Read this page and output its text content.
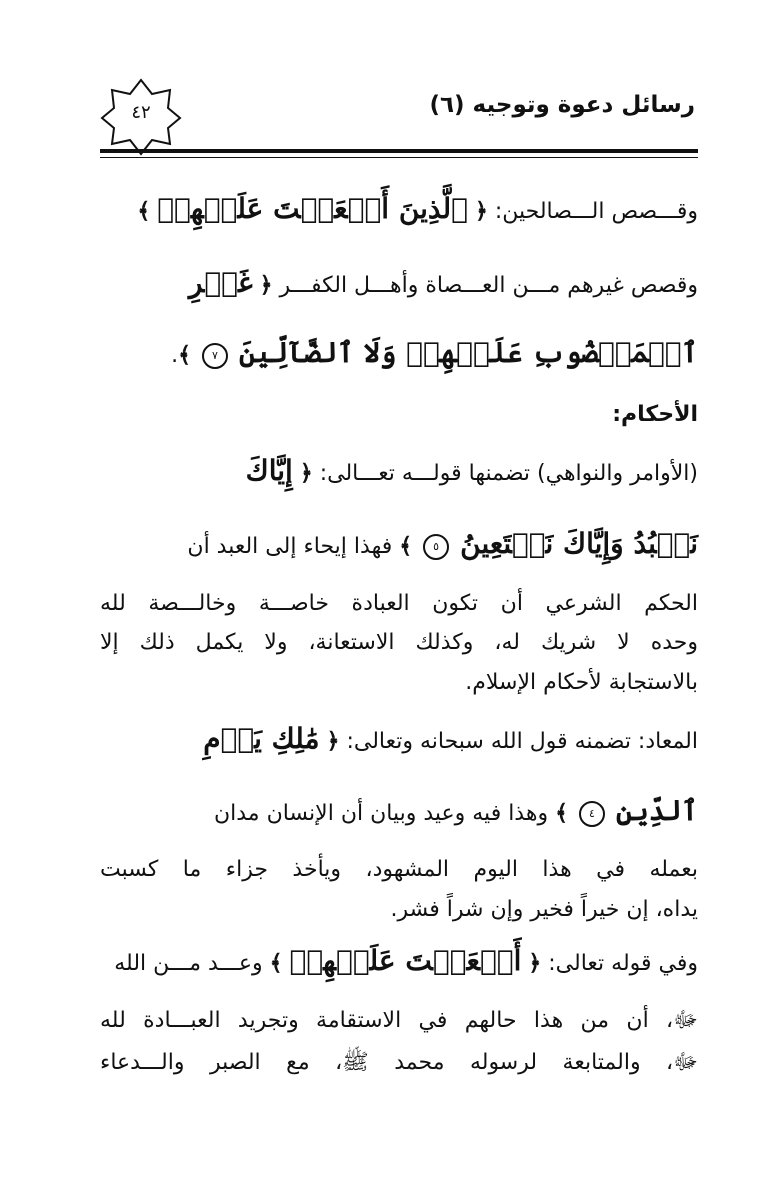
رسائل دعوة وتوجيه (٦)
٤٢
وقـــصص الـــصالحين: ﴿ ٱلَّذِينَ أَنۡعَمۡتَ عَلَيۡهِمۡ ﴾
وقصص غيرهم مـــن العـــصاة وأهـــل الكفـــر ﴿ غَيۡرِ
ٱلۡمَغۡضُوبِ عَلَيۡهِمۡ وَلَا ٱلضَّآلِّينَ ٧ ﴾.
الأحكام:
(الأوامر والنواهي) تضمنها قولـــه تعـــالى: ﴿ إِيَّاكَ
نَعۡبُدُ وَإِيَّاكَ نَسۡتَعِينُ ٥ ﴾ فهذا إيحاء إلى العبد أن
الحكم الشرعي أن تكون العبادة خاصـــة وخالـــصة لله
وحده لا شريك له، وكذلك الاستعانة، ولا يكمل ذلك إلا
بالاستجابة لأحكام الإسلام.
المعاد: تضمنه قول الله سبحانه وتعالى: ﴿ مَٰلِكِ يَوۡمِ
ٱلدِّينِ ٤ ﴾ وهذا فيه وعيد وبيان أن الإنسان مدان
بعمله في هذا اليوم المشهود، ويأخذ جزاء ما كسبت
يداه، إن خيراً فخير وإن شراً فشر.
وفي قوله تعالى: ﴿ أَنۡعَمۡتَ عَلَيۡهِمۡ ﴾ وعـــد مـــن الله
ﷻ، أن من هذا حالهم في الاستقامة وتجريد العبـــادة لله
ﷻ، والمتابعة لرسوله محمد ﷺ، مع الصبر والـــدعاء
